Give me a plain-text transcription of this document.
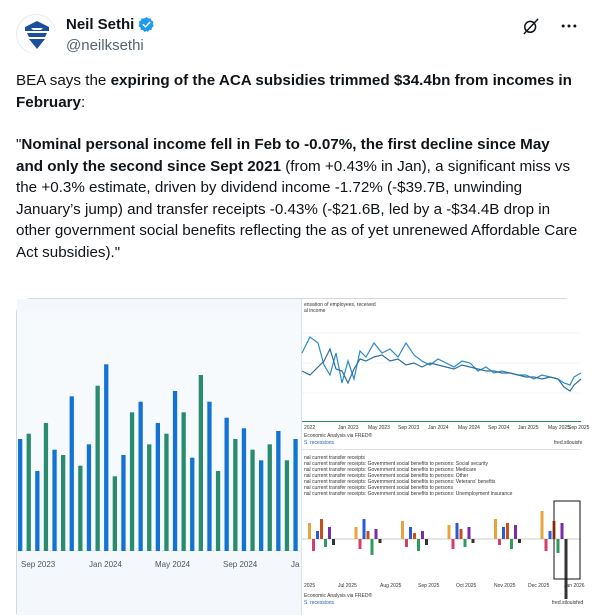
Neil Sethi
@neilksethi

BEA says the expiring of the ACA subsidies trimmed $34.4bn from incomes in February:

"Nominal personal income fell in Feb to -0.07%, the first decline since May and only the second since Sept 2021 (from +0.43% in Jan), a significant miss vs the +0.3% estimate, driven by dividend income -1.72% (-$39.7B, unwinding January’s jump) and transfer receipts -0.43% (-$21.6B, led by a -$34.4B drop in other government social benefits reflecting the as of yet unrenewed Affordable Care Act subsidies)."

Sep 2023	Jan 2024	May 2024	Sep 2024	Ja
ensation of employees, received
al income
2022	Jan 2023 May 2023 Sep 2023 Jan 2024 May 2024 Sep 2024 Jan 2025 May 2025
Sep 2025
Economic Analysis via FRED®
S. recessions	fred.stlouisfe
nal current transfer receipts
nal current transfer receipts: Government social benefits to persons: Social security
nal current transfer receipts: Government social benefits to persons: Medicare
nal current transfer receipts: Government social benefits to persons: Other
nal current transfer receipts: Government social benefits to persons: Veterans' benefits
nal current transfer receipts: Government social benefits to persons
nal current transfer receipts: Government social benefits to persons: Unemployment insurance
2025	Jul 2025	Aug 2025	Sep 2025	Oct 2025	Nov 2025	Dec 2025	Jan 2026
Economic Analysis via FRED®
S. recessions	fred.stlouisfed
